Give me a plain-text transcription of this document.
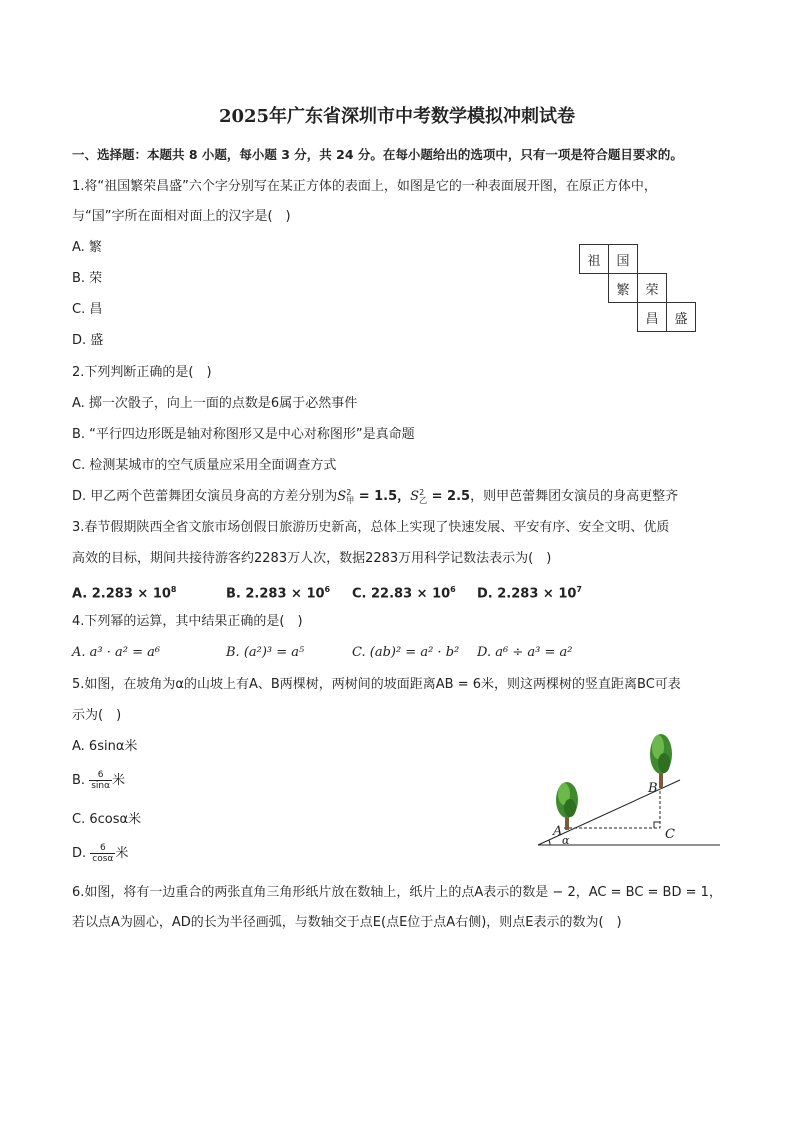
2025年广东省深圳市中考数学模拟冲刺试卷
一、选择题：本题共 8 小题，每小题 3 分，共 24 分。在每小题给出的选项中，只有一项是符合题目要求的。
1.将“祖国繁荣昌盛”六个字分别写在某正方体的表面上，如图是它的一种表面展开图，在原正方体中，
与“国”字所在面相对面上的汉字是(　)
A. 繁
B. 荣
C. 昌
D. 盛
祖	国
繁	荣
昌	盛
2.下列判断正确的是(　)
A. 掷一次骰子，向上一面的点数是6属于必然事件
B. “平行四边形既是轴对称图形又是中心对称图形”是真命题
C. 检测某城市的空气质量应采用全面调查方式
D. 甲乙两个芭蕾舞团女演员身高的方差分别为S 2
甲 = 1.5，S 2
乙 = 2.5，则甲芭蕾舞团女演员的身高更整齐
3.春节假期陕西全省文旅市场创假日旅游历史新高，总体上实现了快速发展、平安有序、安全文明、优质
高效的目标，期间共接待游客约2283万人次，数据2283万用科学记数法表示为(　)
A. $2.283 \times 10^8$	B. $2.283 \times 10^6$ C. $22.83 \times 10^6$ D. $2.283 \times 10^7$
4.下列幂的运算，其中结果正确的是(　)
A. a³ · a² = a⁶	B. (a²)³ = a⁵	C. (ab)² = a² · b² D. a⁶ ÷ a³ = a²
5.如图，在坡角为α的山坡上有A、B两棵树，两树间的坡面距离AB = 6米，则这两棵树的竖直距离BC可表
示为(　)
A. 6sinα米
B. $\frac{6}{\sin\alpha}$ 米
C. 6cosα米
D. $\frac{6}{\cos\alpha}$ 米
A
B
C
α
6.如图，将有一边重合的两张直角三角形纸片放在数轴上，纸片上的点A表示的数是 − 2，AC = BC = BD = 1，
若以点A为圆心，AD的长为半径画弧，与数轴交于点E(点E位于点A右侧)，则点E表示的数为(　)
